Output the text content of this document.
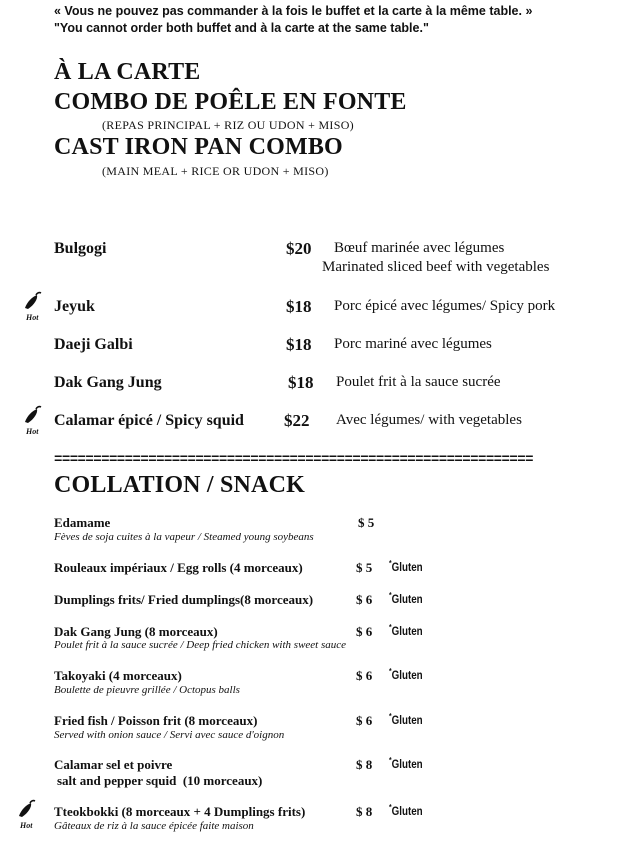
« Vous ne pouvez pas commander à la fois le buffet et la carte à la même table. »
"You cannot order both buffet and à la carte at the same table."
À LA CARTE
COMBO DE POÊLE EN FONTE
(REPAS PRINCIPAL + RIZ OU UDON + MISO)
CAST IRON PAN COMBO
(MAIN MEAL + RICE OR UDON + MISO)
Bulgogi	$20 Bœuf marinée avec légumes
Marinated sliced beef with vegetables
Hot
Jeyuk	$18 Porc épicé avec légumes/ Spicy pork
Daeji Galbi	$18 Porc mariné avec légumes
Dak Gang Jung	$18 Poulet frit à la sauce sucrée
Hot
Calamar épicé / Spicy squid $22 Avec légumes/ with vegetables
=============================================================
COLLATION / SNACK
Edamame	$ 5
Fèves de soja cuites à la vapeur / Steamed young soybeans
Rouleaux impériaux / Egg rolls (4 morceaux)	$ 5 *Gluten
Dumplings frits/ Fried dumplings(8 morceaux)	$ 6 *Gluten
Dak Gang Jung (8 morceaux)	$ 6 *Gluten
Poulet frit à la sauce sucrée / Deep fried chicken with sweet sauce
Takoyaki (4 morceaux)	$ 6 *Gluten
Boulette de pieuvre grillée / Octopus balls
Fried fish / Poisson frit (8 morceaux)	$ 6 *Gluten
Served with onion sauce / Servi avec sauce d'oignon
Calamar sel et poivre	$ 8 *Gluten
salt and pepper squid  (10 morceaux)
Hot
Tteokbokki (8 morceaux + 4 Dumplings frits)	$ 8 *Gluten
Gâteaux de riz à la sauce épicée faite maison
